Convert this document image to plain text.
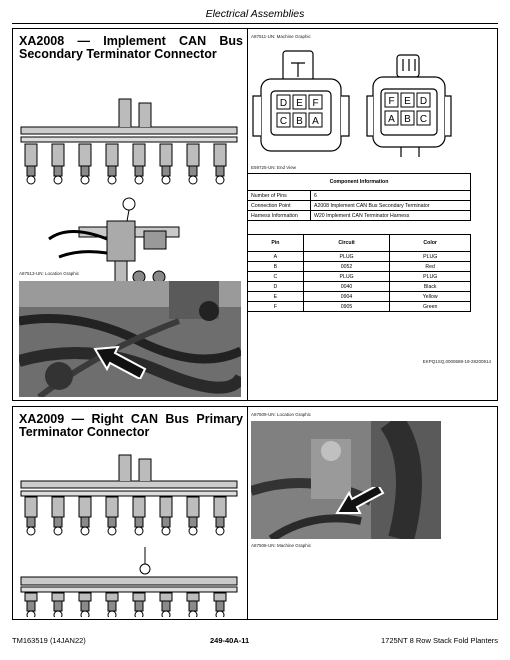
Electrical Assemblies
XA2008 — Implement CAN Bus Secondary Terminator Connector
A87513-UN: Location Graphic
A87511-UN: Machine Graphic
D E F
C B A
F E D
A B C
E59725-UN: End View
Component Information	
Number of Pins	6
Connection Point	A2008 Implement CAN Bus Secondary Terminator
Harness Information	W20 Implement CAN Terminator Harness
Pin	Circuit	Color
A	PLUG	PLUG
B	0052	Red
C	PLUG	PLUG
D	0040	Black
E	0904	Yellow
F	0905	Green
EKPQ1SQ,0000688-19-28200914
XA2009 — Right CAN Bus Primary Terminator Connector
A87509-UN: Location Graphic
A87508-UN: Machine Graphic
TM163519 (14JAN22)	249-40A-11	1725NT 8 Row Stack Fold Planters
